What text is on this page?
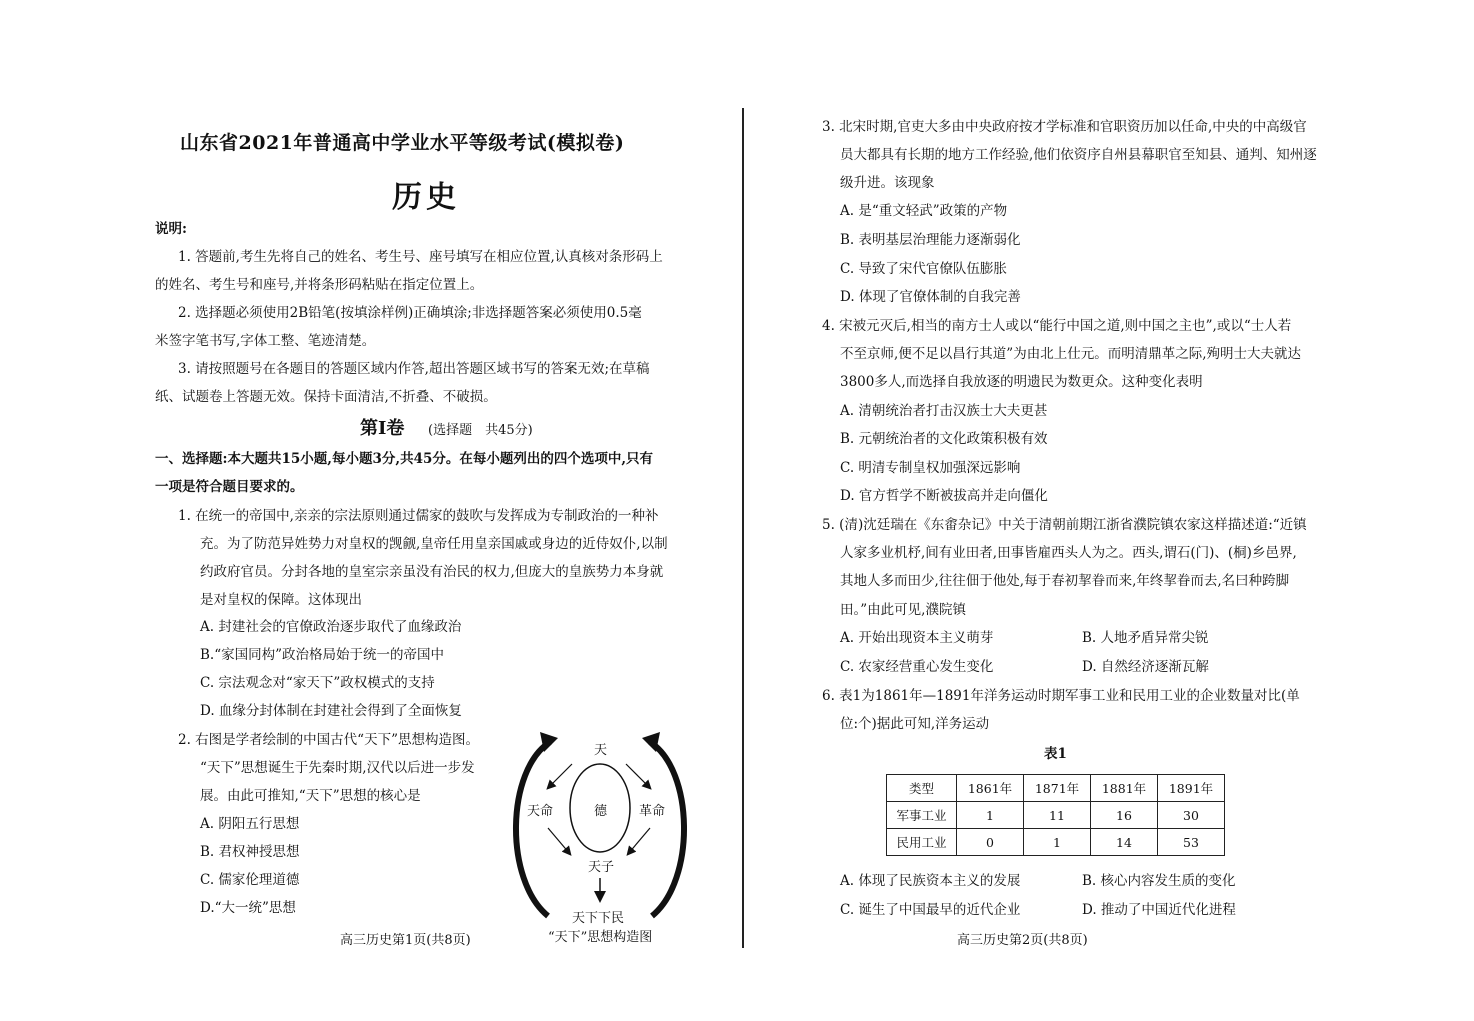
山东省2021年普通高中学业水平等级考试(模拟卷)
历史
说明:
1. 答题前,考生先将自己的姓名、考生号、座号填写在相应位置,认真核对条形码上
的姓名、考生号和座号,并将条形码粘贴在指定位置上。
2. 选择题必须使用2B铅笔(按填涂样例)正确填涂;非选择题答案必须使用0.5毫
米签字笔书写,字体工整、笔迹清楚。
3. 请按照题号在各题目的答题区域内作答,超出答题区域书写的答案无效;在草稿
纸、试题卷上答题无效。保持卡面清洁,不折叠、不破损。
第Ⅰ卷 (选择题　共45分)
一、选择题:本大题共15小题,每小题3分,共45分。在每小题列出的四个选项中,只有
一项是符合题目要求的。
1. 在统一的帝国中,亲亲的宗法原则通过儒家的鼓吹与发挥成为专制政治的一种补
充。为了防范异姓势力对皇权的觊觎,皇帝任用皇亲国戚或身边的近侍奴仆,以制
约政府官员。分封各地的皇室宗亲虽没有治民的权力,但庞大的皇族势力本身就
是对皇权的保障。这体现出
A. 封建社会的官僚政治逐步取代了血缘政治
B.“家国同构”政治格局始于统一的帝国中
C. 宗法观念对“家天下”政权模式的支持
D. 血缘分封体制在封建社会得到了全面恢复
2. 右图是学者绘制的中国古代“天下”思想构造图。
“天下”思想诞生于先秦时期,汉代以后进一步发
展。由此可推知,“天下”思想的核心是
A. 阴阳五行思想
B. 君权神授思想
C. 儒家伦理道德
D.“大一统”思想
天
德
天命	革命
天子
天下下民
“天下”思想构造图
高三历史第1页(共8页)
3. 北宋时期,官吏大多由中央政府按才学标准和官职资历加以任命,中央的中高级官
员大都具有长期的地方工作经验,他们依资序自州县幕职官至知县、通判、知州逐
级升进。该现象
A. 是“重文轻武”政策的产物
B. 表明基层治理能力逐渐弱化
C. 导致了宋代官僚队伍膨胀
D. 体现了官僚体制的自我完善
4. 宋被元灭后,相当的南方士人或以“能行中国之道,则中国之主也”,或以“士人若
不至京师,便不足以昌行其道”为由北上仕元。而明清鼎革之际,殉明士大夫就达
3800多人,而选择自我放逐的明遗民为数更众。这种变化表明
A. 清朝统治者打击汉族士大夫更甚
B. 元朝统治者的文化政策积极有效
C. 明清专制皇权加强深远影响
D. 官方哲学不断被拔高并走向僵化
5. (清)沈廷瑞在《东畬杂记》中关于清朝前期江浙省濮院镇农家这样描述道:“近镇
人家多业机杼,间有业田者,田事皆雇西头人为之。西头,谓石(门)、(桐)乡邑界,
其地人多而田少,往往佃于他处,每于春初挈眷而来,年终挈眷而去,名曰种跨脚
田。”由此可见,濮院镇
A. 开始出现资本主义萌芽	B. 人地矛盾异常尖锐
C. 农家经营重心发生变化	D. 自然经济逐渐瓦解
6. 表1为1861年—1891年洋务运动时期军事工业和民用工业的企业数量对比(单
位:个)据此可知,洋务运动
表1
类型	1861年	1871年	1881年	1891年
军事工业	1	11	16	30
民用工业	0	1	14	53
A. 体现了民族资本主义的发展	B. 核心内容发生质的变化
C. 诞生了中国最早的近代企业	D. 推动了中国近代化进程
高三历史第2页(共8页)
